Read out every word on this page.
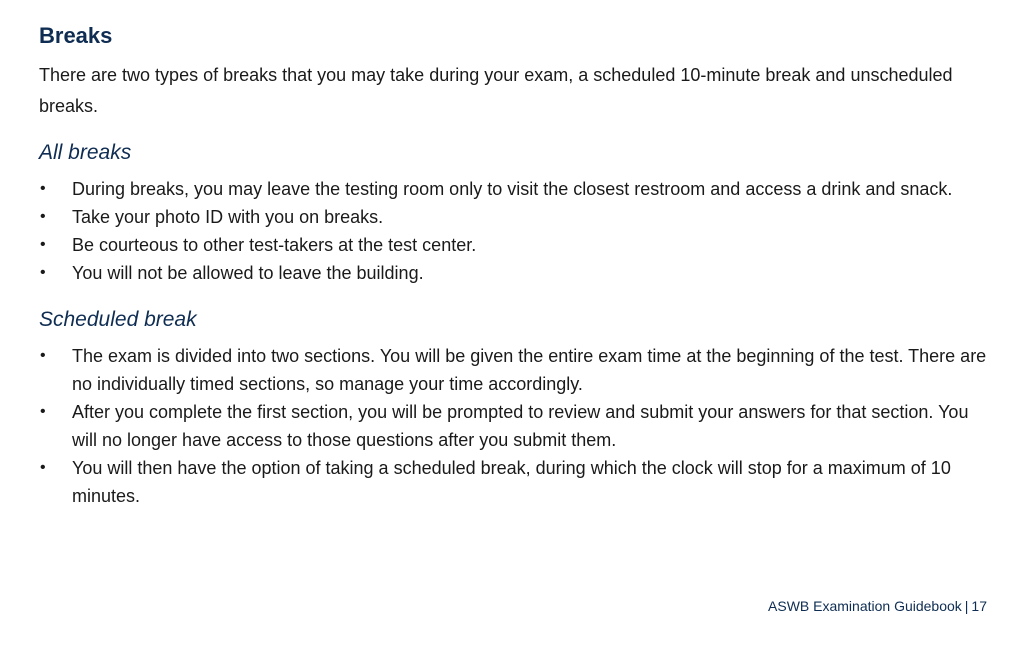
Breaks

There are two types of breaks that you may take during your exam, a scheduled 10-minute break and unscheduled breaks.

All breaks
• During breaks, you may leave the testing room only to visit the closest restroom and access a drink and snack.
• Take your photo ID with you on breaks.
• Be courteous to other test-takers at the test center.
• You will not be allowed to leave the building.
Scheduled break
• The exam is divided into two sections. You will be given the entire exam time at the beginning of the test. There are no individually timed sections, so manage your time accordingly.
• After you complete the first section, you will be prompted to review and submit your answers for that section. You will no longer have access to those questions after you submit them.
• You will then have the option of taking a scheduled break, during which the clock will stop for a maximum of 10 minutes.
ASWB Examination Guidebook | 17
